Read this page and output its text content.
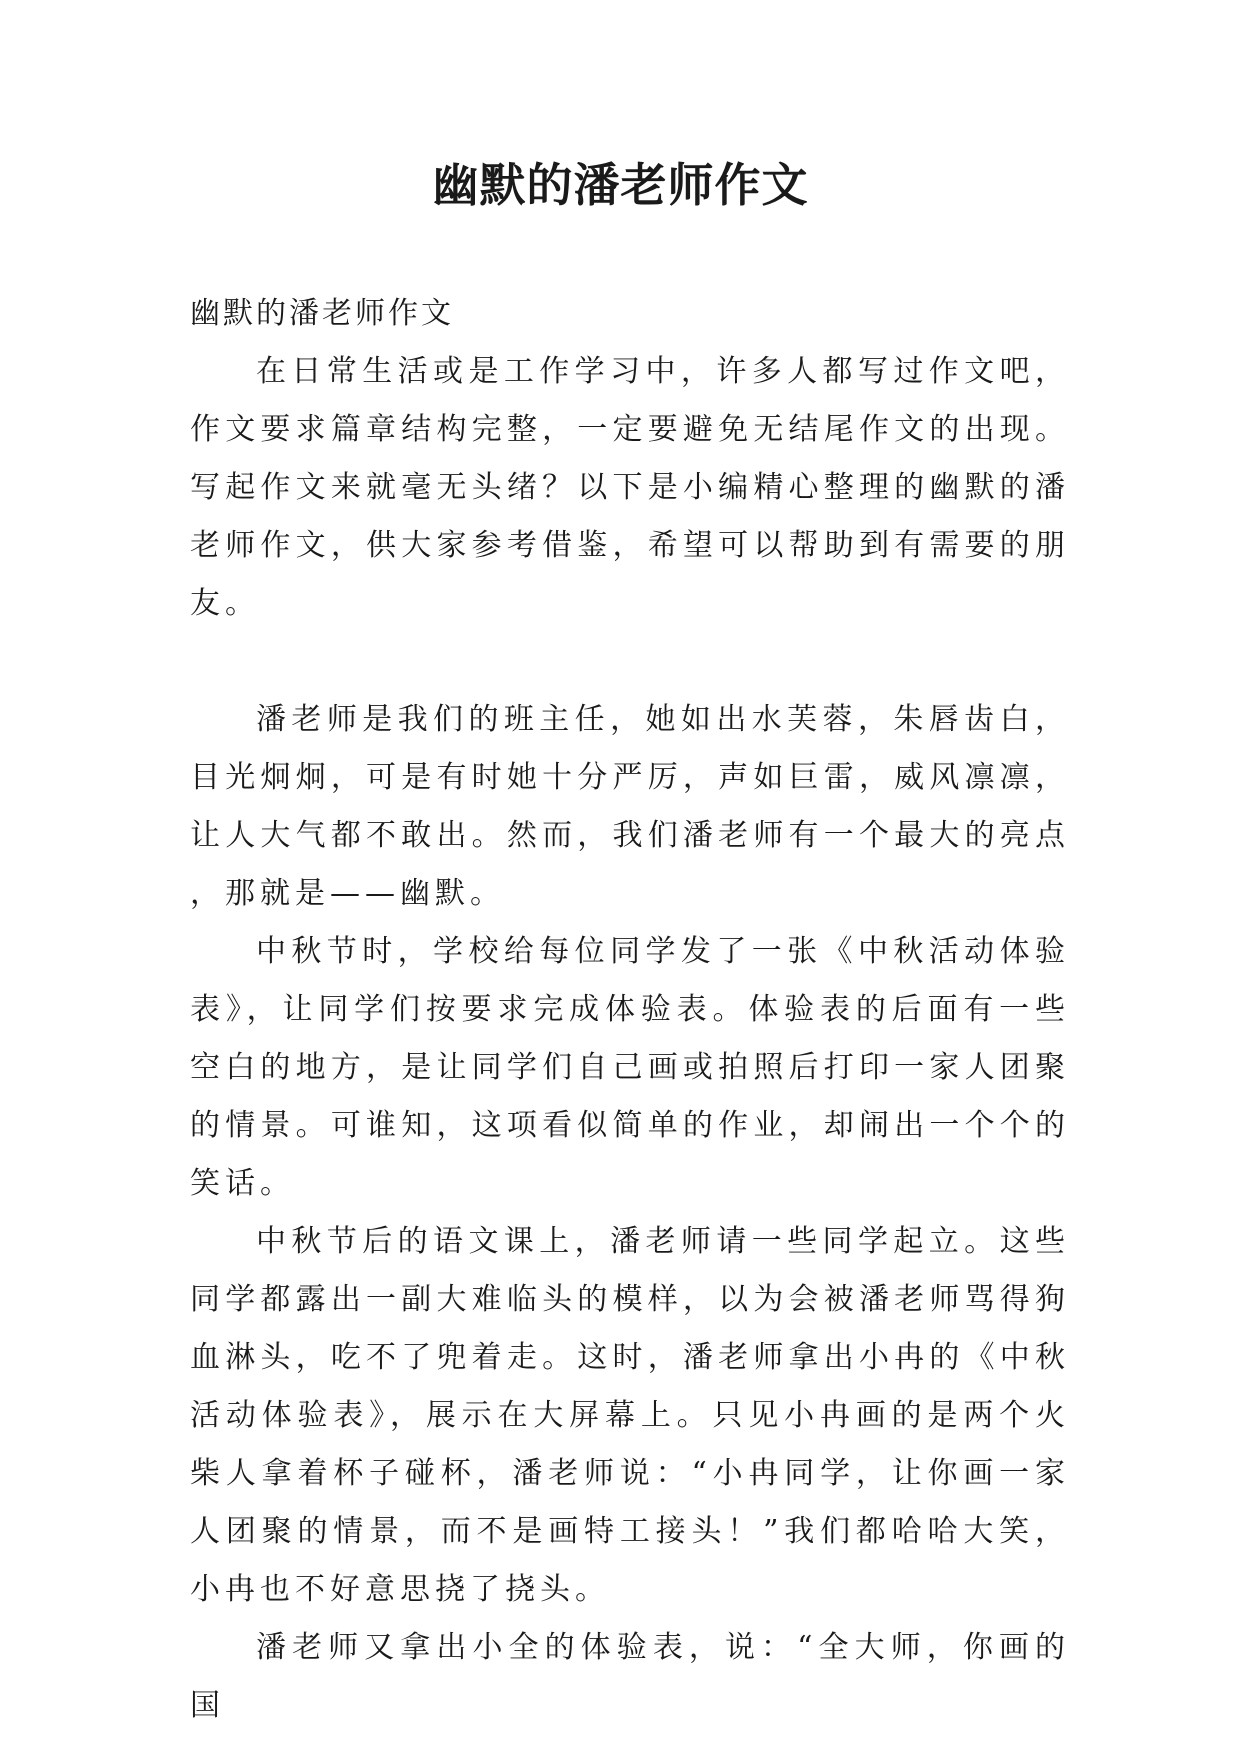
幽默的潘老师作文

幽默的潘老师作文

在日常生活或是工作学习中，许多人都写过作文吧，作文要求篇章结构完整，一定要避免无结尾作文的出现。写起作文来就毫无头绪？以下是小编精心整理的幽默的潘老师作文，供大家参考借鉴，希望可以帮助到有需要的朋友。

潘老师是我们的班主任，她如出水芙蓉，朱唇齿白，目光炯炯，可是有时她十分严厉，声如巨雷，威风凛凛，让人大气都不敢出。然而，我们潘老师有一个最大的亮点，那就是——幽默。

中秋节时，学校给每位同学发了一张《中秋活动体验表》，让同学们按要求完成体验表。体验表的后面有一些空白的地方，是让同学们自己画或拍照后打印一家人团聚的情景。可谁知，这项看似简单的作业，却闹出一个个的笑话。

中秋节后的语文课上，潘老师请一些同学起立。这些同学都露出一副大难临头的模样，以为会被潘老师骂得狗血淋头，吃不了兜着走。这时，潘老师拿出小冉的《中秋活动体验表》，展示在大屏幕上。只见小冉画的是两个火柴人拿着杯子碰杯，潘老师说：“小冉同学，让你画一家人团聚的情景，而不是画特工接头！”我们都哈哈大笑，小冉也不好意思挠了挠头。

潘老师又拿出小全的体验表，说：“全大师，你画的国
